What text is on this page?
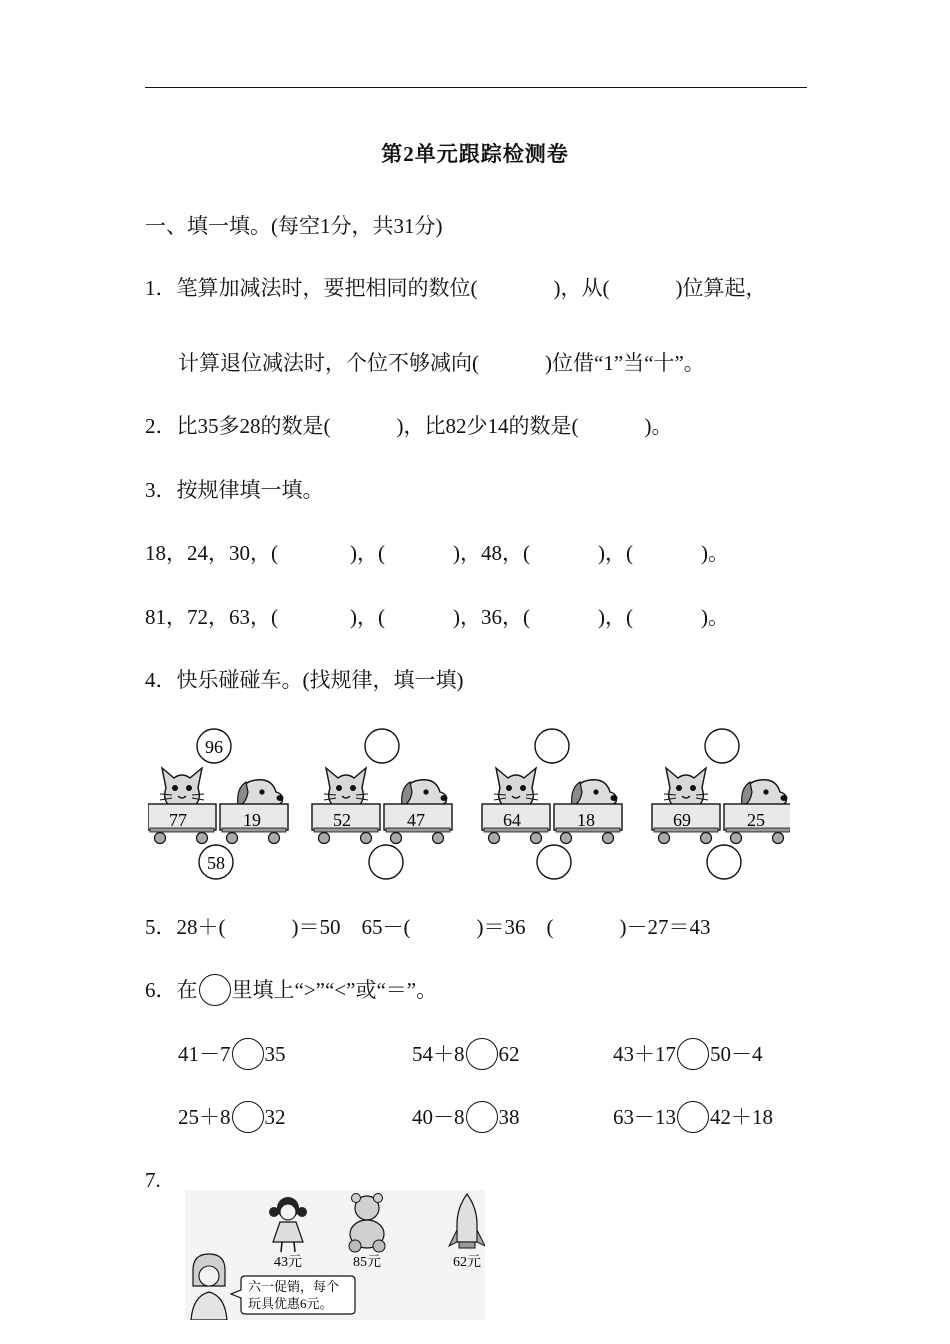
第2单元跟踪检测卷
一、填一填。(每空1分，共31分)
1．笔算加减法时，要把相同的数位(	)，从(	)位算起，
计算退位减法时，个位不够减向(	)位借“1”当“十”。
2．比35多28的数是(	)，比82少14的数是(	)。
3．按规律填一填。
18，24，30，(	)，(	)，48，(	)，(	)。
81，72，63，(	)，(	)，36，(	)，(	)。
4．快乐碰碰车。(找规律，填一填)
96
77	19
58
52	47	64	18	69	25
5．28＋(	)＝50　65－(	)＝36　(	)－27＝43
6．在 里填上“>”“<”或“＝”。
41－7 35	54＋8 62	43＋17 50－4
25＋8 32	40－8 38	63－13 42＋18
7.
43元	85元	62元
六一促销，每个
玩具优惠6元。
